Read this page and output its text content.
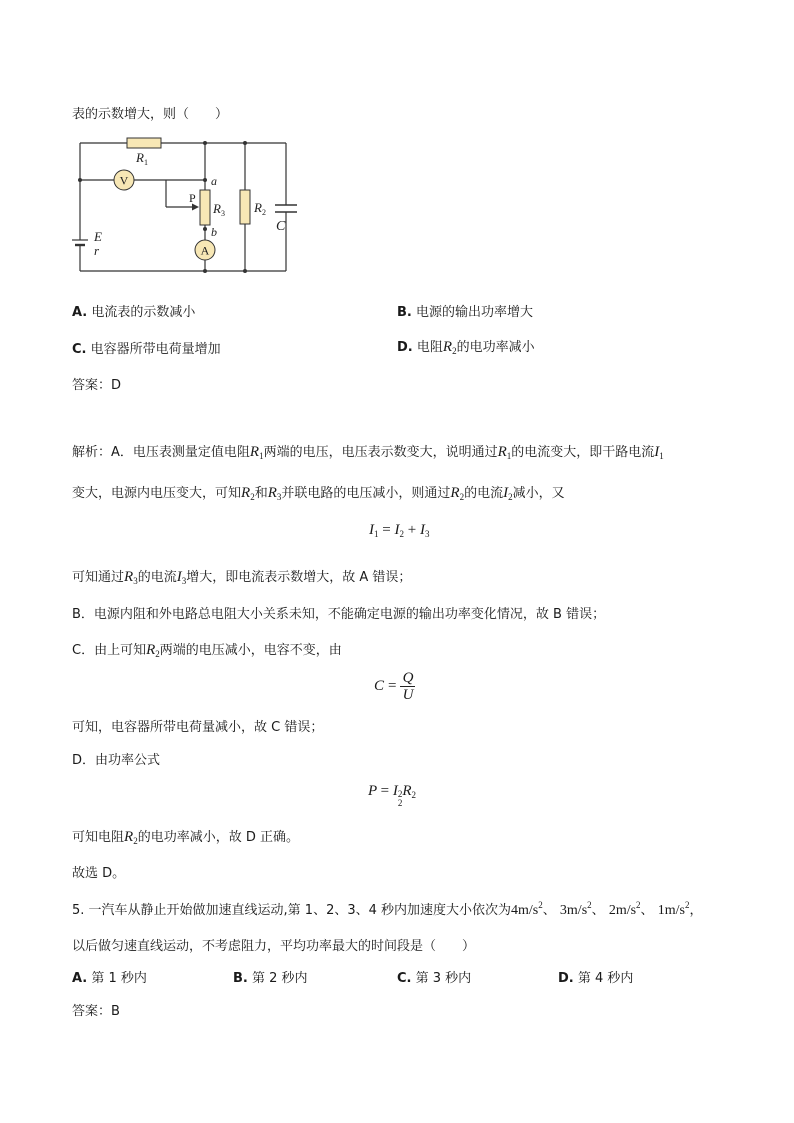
表的示数增大，则（　　）
V
A
$R_1$
$R_3$ $R_2$
P
a
b	C
E
r
A. 电流表的示数减小	B. 电源的输出功率增大
C. 电容器所带电荷量增加	D. 电阻$R_2$的电功率减小
答案：D
解析：A．电压表测量定值电阻$R_1$两端的电压，电压表示数变大，说明通过$R_1$的电流变大，即干路电流$I_1$
变大，电源内电压变大，可知$R_2$和$R_3$并联电路的电压减小，则通过$R_2$的电流$I_2$减小，又
$I_1 = I_2 + I_3$
可知通过$R_3$的电流$I_3$增大，即电流表示数增大，故 A 错误；
B．电源内阻和外电路总电阻大小关系未知，不能确定电源的输出功率变化情况，故 B 错误；
C．由上可知$R_2$两端的电压减小，电容不变，由
C = Q
U
可知，电容器所带电荷量减小，故 C 错误；
D．由功率公式
P = I 2
2
$R_2$
可知电阻$R_2$的电功率减小，故 D 正确。
故选 D。
5. 一汽车从静止开始做加速直线运动,第 1、2、3、4 秒内加速度大小依次为$4m/s^2$、 $3m/s^2$、 $2m/s^2$、 $1m/s^2$，
以后做匀速直线运动，不考虑阻力，平均功率最大的时间段是（　　）
A. 第 1 秒内	B. 第 2 秒内	C. 第 3 秒内	D. 第 4 秒内
答案：B
